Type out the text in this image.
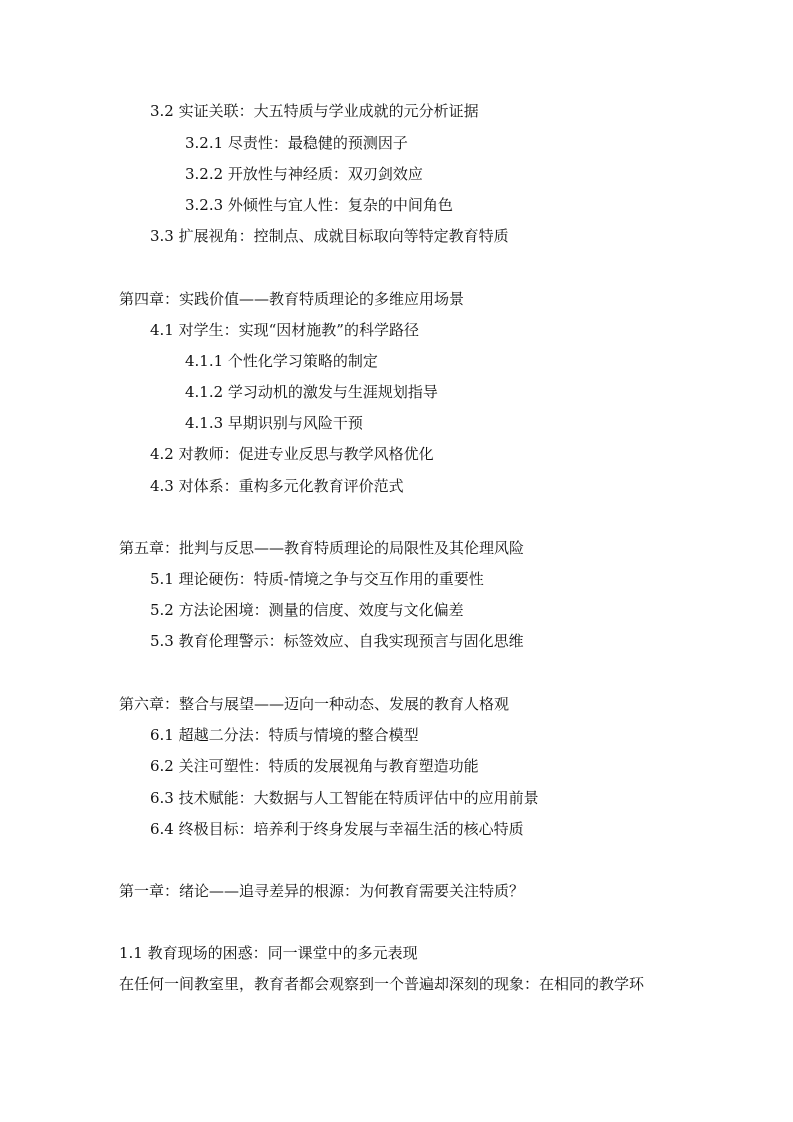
3.2 实证关联：大五特质与学业成就的元分析证据
3.2.1 尽责性：最稳健的预测因子
3.2.2 开放性与神经质：双刃剑效应
3.2.3 外倾性与宜人性：复杂的中间角色
3.3 扩展视角：控制点、成就目标取向等特定教育特质
第四章：实践价值——教育特质理论的多维应用场景
4.1 对学生：实现“因材施教”的科学路径
4.1.1 个性化学习策略的制定
4.1.2 学习动机的激发与生涯规划指导
4.1.3 早期识别与风险干预
4.2 对教师：促进专业反思与教学风格优化
4.3 对体系：重构多元化教育评价范式
第五章：批判与反思——教育特质理论的局限性及其伦理风险
5.1 理论硬伤：特质-情境之争与交互作用的重要性
5.2 方法论困境：测量的信度、效度与文化偏差
5.3 教育伦理警示：标签效应、自我实现预言与固化思维
第六章：整合与展望——迈向一种动态、发展的教育人格观
6.1 超越二分法：特质与情境的整合模型
6.2 关注可塑性：特质的发展视角与教育塑造功能
6.3 技术赋能：大数据与人工智能在特质评估中的应用前景
6.4 终极目标：培养利于终身发展与幸福生活的核心特质
第一章：绪论——追寻差异的根源：为何教育需要关注特质？
1.1 教育现场的困惑：同一课堂中的多元表现
在任何一间教室里，教育者都会观察到一个普遍却深刻的现象：在相同的教学环
